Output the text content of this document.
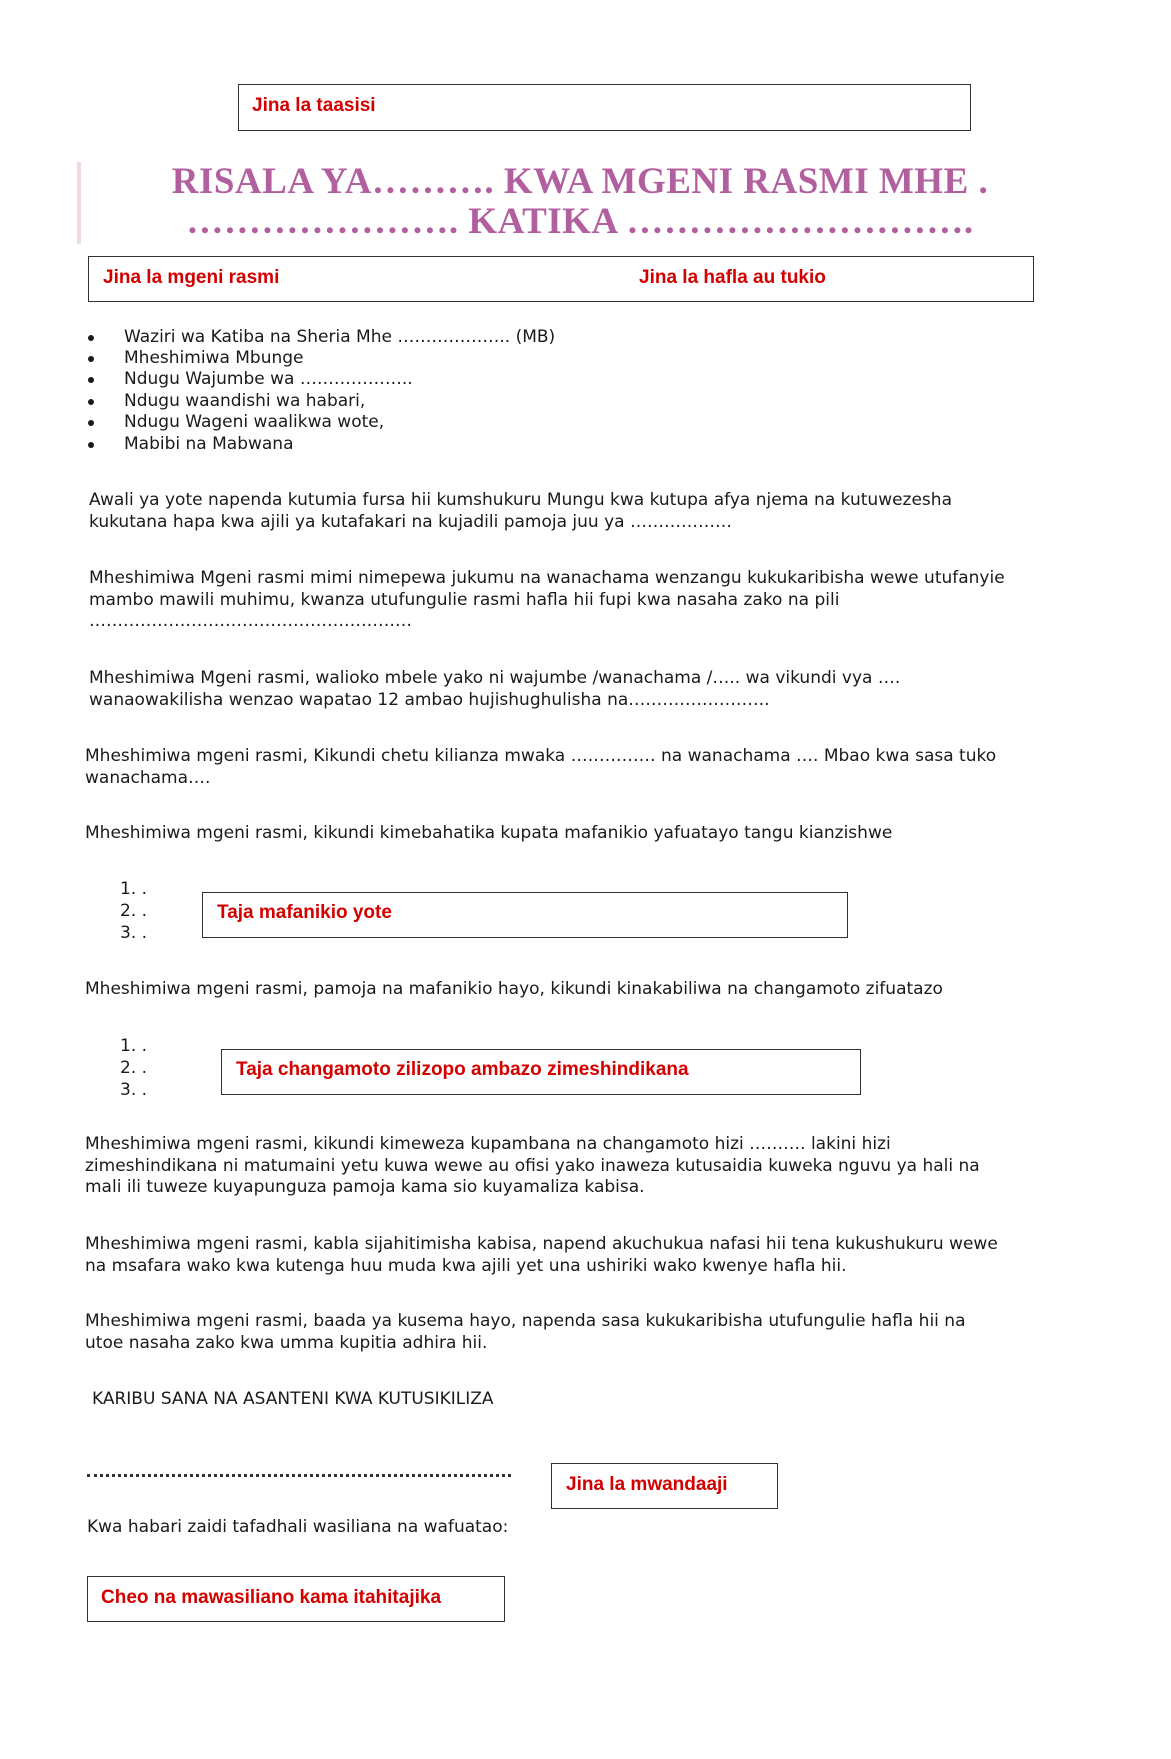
Jina la taasisi
RISALA YA………. KWA MGENI RASMI MHE .
…………………. KATIKA ……………………….
Jina la mgeni rasmi	Jina la hafla au tukio
Waziri wa Katiba na Sheria Mhe ……………….. (MB)
Mheshimiwa Mbunge
Ndugu Wajumbe wa ………………..
Ndugu waandishi wa habari,
Ndugu Wageni waalikwa wote,
Mabibi na Mabwana
Awali ya yote napenda kutumia fursa hii kumshukuru Mungu kwa kutupa afya njema na kutuwezesha
kukutana hapa kwa ajili ya kutafakari na kujadili pamoja juu ya ………………
Mheshimiwa Mgeni rasmi mimi nimepewa jukumu na wanachama wenzangu kukukaribisha wewe utufanyie
mambo mawili muhimu, kwanza utufungulie rasmi hafla hii fupi kwa nasaha zako na pili
…………………………………………………
Mheshimiwa Mgeni rasmi, walioko mbele yako ni wajumbe /wanachama /….. wa vikundi vya ….
wanaowakilisha wenzao wapatao 12 ambao hujishughulisha na…………………….
Mheshimiwa mgeni rasmi, Kikundi chetu kilianza mwaka …………… na wanachama …. Mbao kwa sasa tuko
wanachama….
Mheshimiwa mgeni rasmi, kikundi kimebahatika kupata mafanikio yafuatayo tangu kianzishwe
1. .
2. .
3. .
Taja mafanikio yote
Mheshimiwa mgeni rasmi, pamoja na mafanikio hayo, kikundi kinakabiliwa na changamoto zifuatazo
1. .
2. .
3. .
Taja changamoto zilizopo ambazo zimeshindikana
Mheshimiwa mgeni rasmi, kikundi kimeweza kupambana na changamoto hizi ………. lakini hizi
zimeshindikana ni matumaini yetu kuwa wewe au ofisi yako inaweza kutusaidia kuweka nguvu ya hali na
mali ili tuweze kuyapunguza pamoja kama sio kuyamaliza kabisa.
Mheshimiwa mgeni rasmi, kabla sijahitimisha kabisa, napend akuchukua nafasi hii tena kukushukuru wewe
na msafara wako kwa kutenga huu muda kwa ajili yet una ushiriki wako kwenye hafla hii.
Mheshimiwa mgeni rasmi, baada ya kusema hayo, napenda sasa kukukaribisha utufungulie hafla hii na
utoe nasaha zako kwa umma kupitia adhira hii.
KARIBU SANA NA ASANTENI KWA KUTUSIKILIZA
Jina la mwandaaji
Kwa habari zaidi tafadhali wasiliana na wafuatao:
Cheo na mawasiliano kama itahitajika
